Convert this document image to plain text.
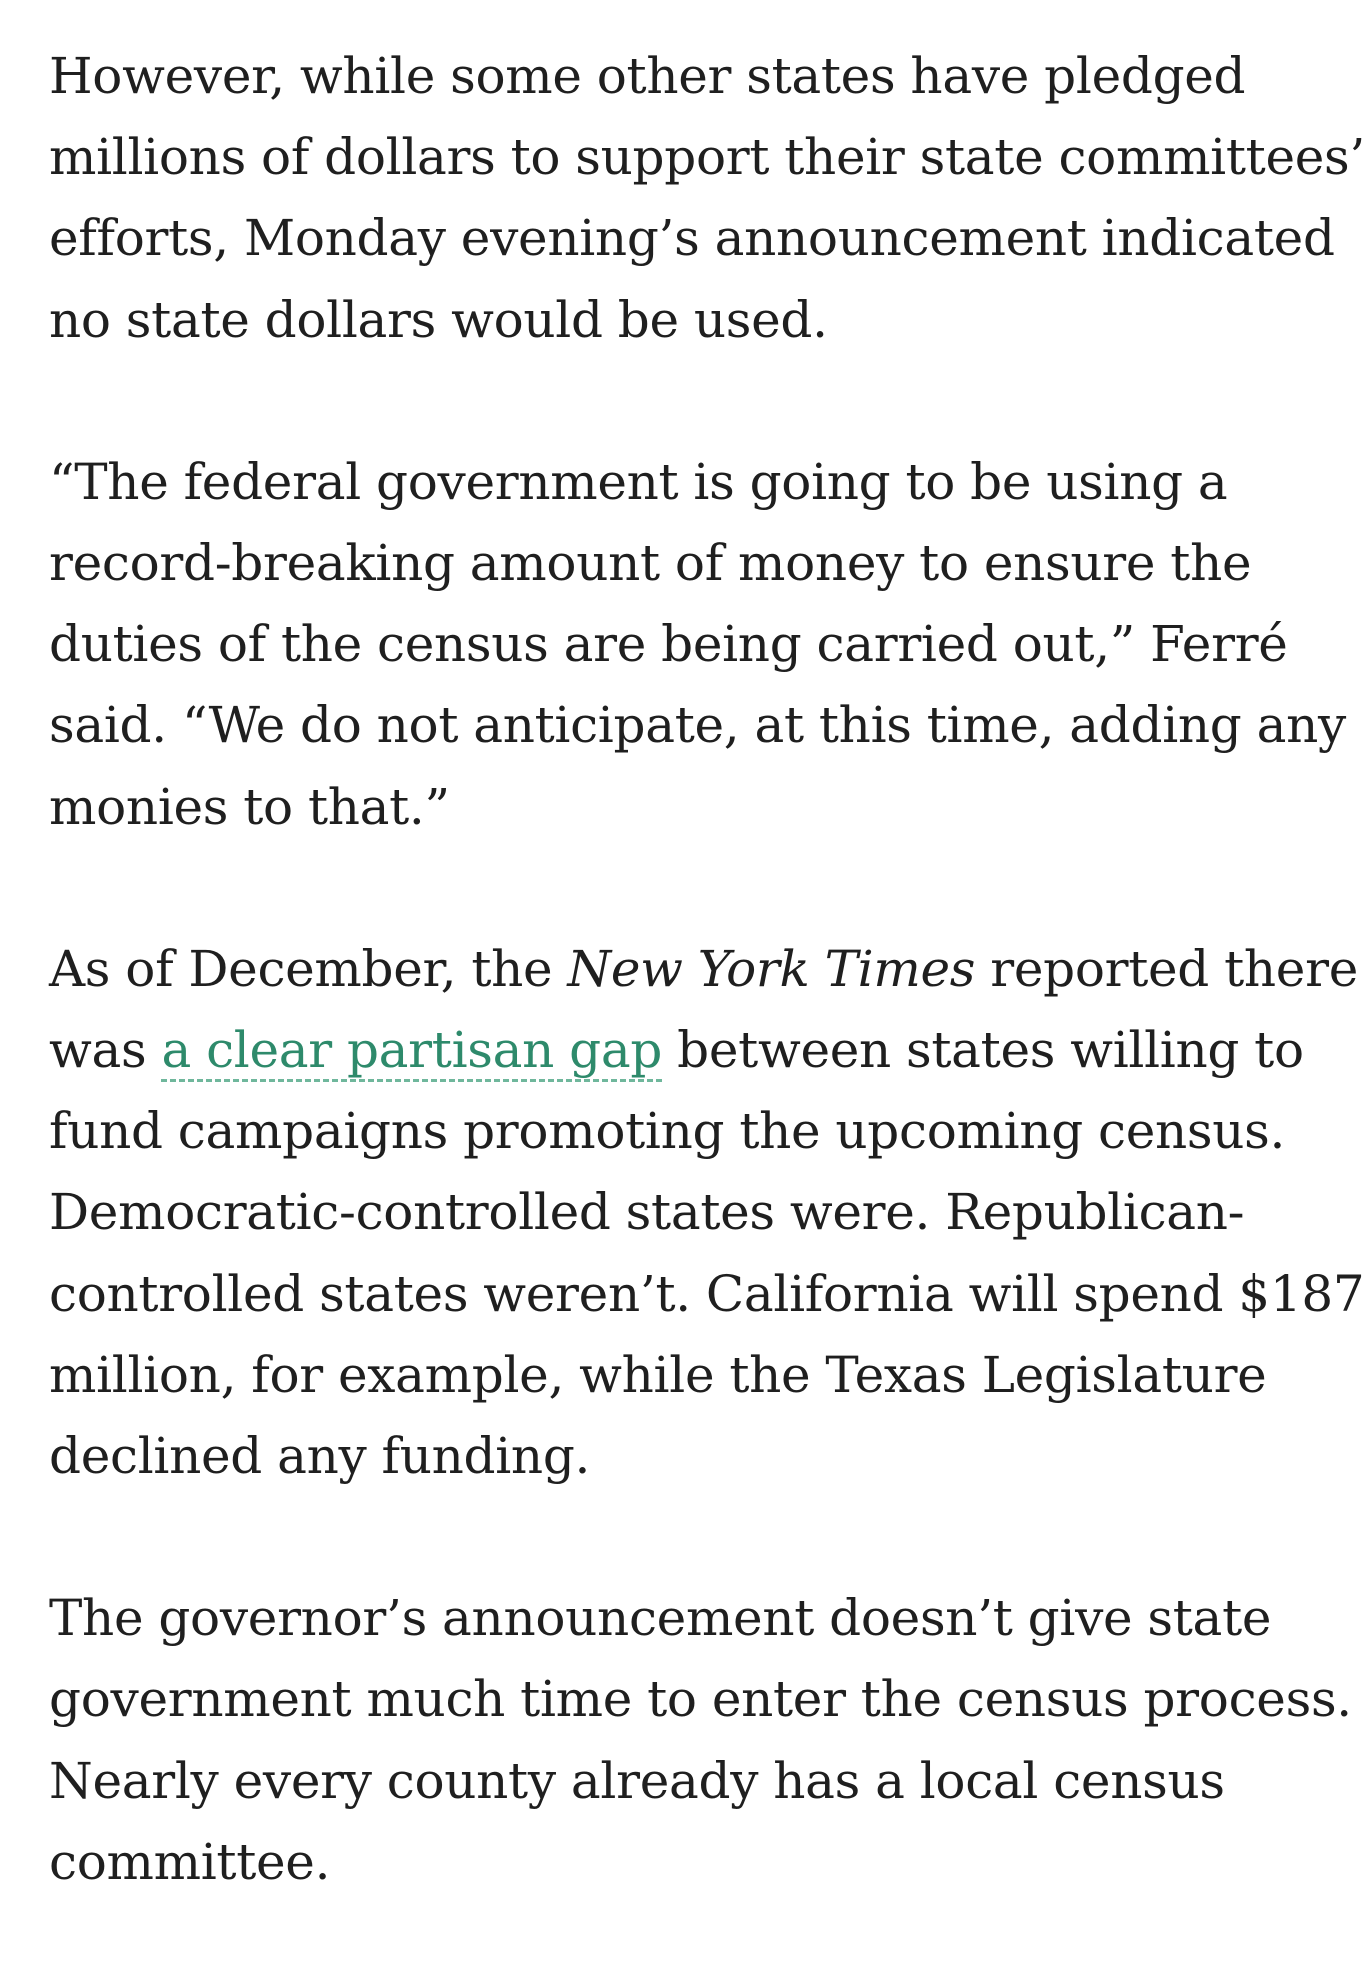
However, while some other states have pledged
millions of dollars to support their state committees’
efforts, Monday evening’s announcement indicated
no state dollars would be used.

“The federal government is going to be using a
record-breaking amount of money to ensure the
duties of the census are being carried out,” Ferré
said. “We do not anticipate, at this time, adding any
monies to that.”

As of December, the New York Times reported there
was a clear partisan gap between states willing to
fund campaigns promoting the upcoming census.
Democratic-controlled states were. Republican-
controlled states weren’t. California will spend $187
million, for example, while the Texas Legislature
declined any funding.

The governor’s announcement doesn’t give state
government much time to enter the census process.
Nearly every county already has a local census
committee.
